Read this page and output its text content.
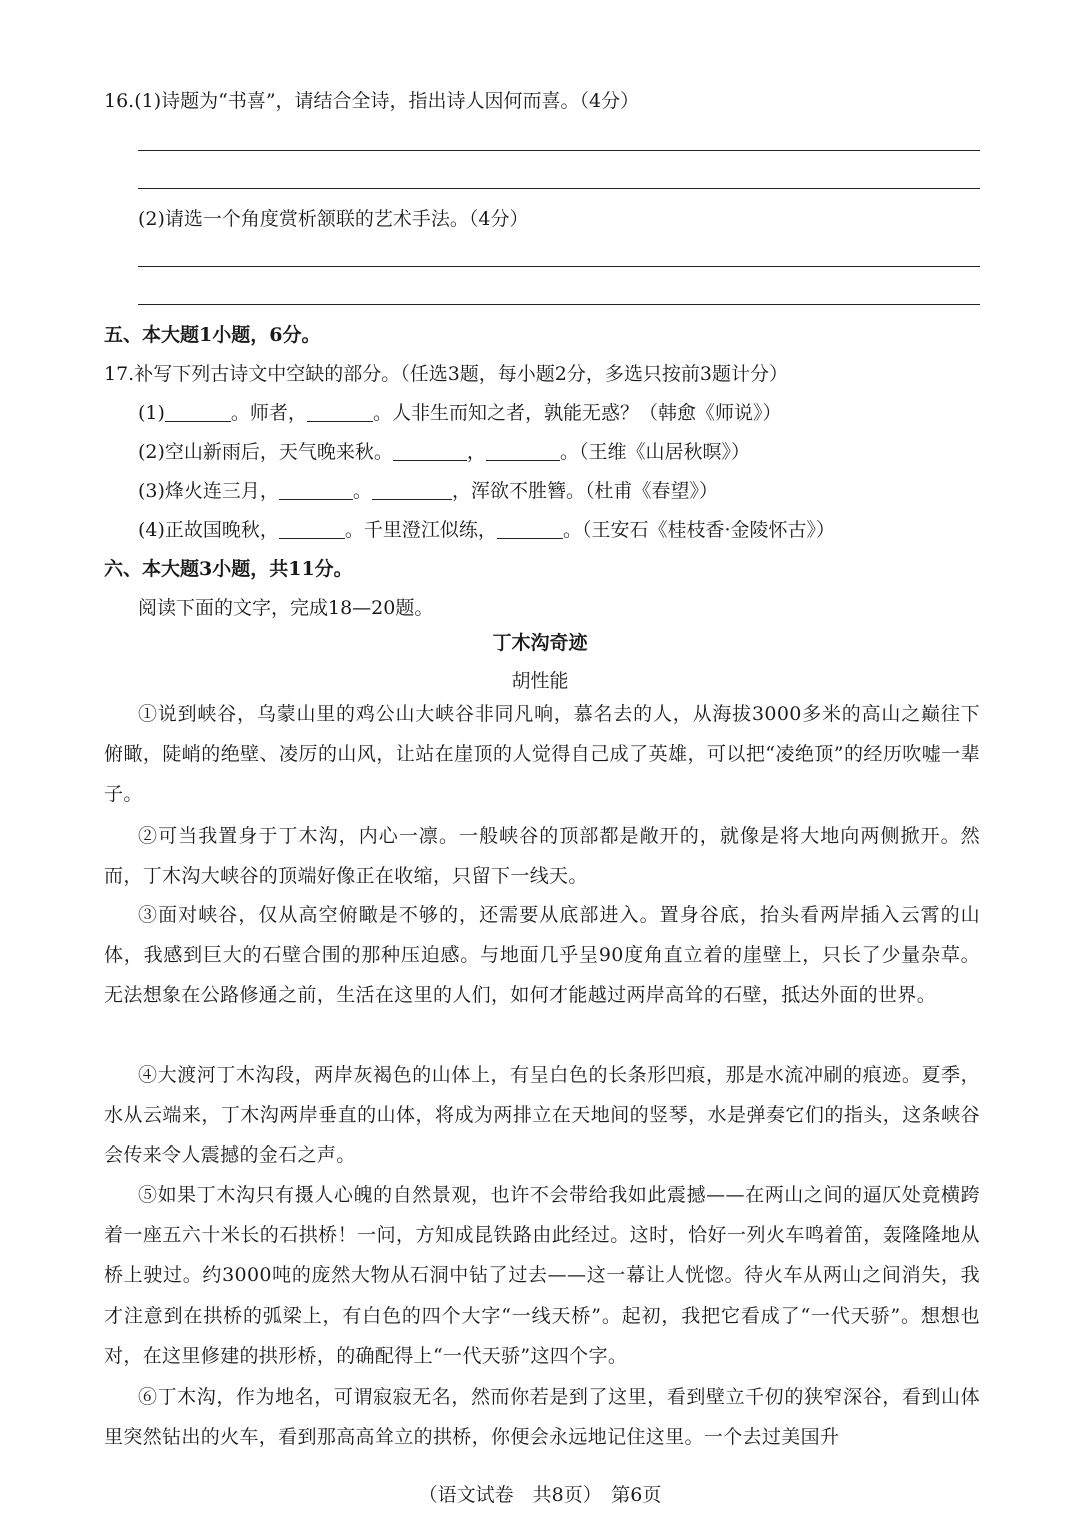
16.(1)诗题为“书喜”，请结合全诗，指出诗人因何而喜。（4分）
(2)请选一个角度赏析颔联的艺术手法。（4分）
五、本大题1小题，6分。
17.补写下列古诗文中空缺的部分。（任选3题，每小题2分，多选只按前3题计分）
(1)	。师者，	。人非生而知之者，孰能无惑？（韩愈《师说》）
(2)空山新雨后，天气晚来秋。	，	。（王维《山居秋暝》）
(3)烽火连三月，	。	，浑欲不胜簪。（杜甫《春望》）
(4)正故国晚秋，	。千里澄江似练，	。（王安石《桂枝香·金陵怀古》）
六、本大题3小题，共11分。
阅读下面的文字，完成18—20题。
丁木沟奇迹
胡性能

①说到峡谷，乌蒙山里的鸡公山大峡谷非同凡响，慕名去的人，从海拔3000多米的高山之巅往下俯瞰，陡峭的绝壁、凌厉的山风，让站在崖顶的人觉得自己成了英雄，可以把“凌绝顶”的经历吹嘘一辈子。

②可当我置身于丁木沟，内心一凛。一般峡谷的顶部都是敞开的，就像是将大地向两侧掀开。然而，丁木沟大峡谷的顶端好像正在收缩，只留下一线天。

③面对峡谷，仅从高空俯瞰是不够的，还需要从底部进入。置身谷底，抬头看两岸插入云霄的山体，我感到巨大的石壁合围的那种压迫感。与地面几乎呈90度角直立着的崖壁上，只长了少量杂草。无法想象在公路修通之前，生活在这里的人们，如何才能越过两岸高耸的石壁，抵达外面的世界。

④大渡河丁木沟段，两岸灰褐色的山体上，有呈白色的长条形凹痕，那是水流冲刷的痕迹。夏季，水从云端来，丁木沟两岸垂直的山体，将成为两排立在天地间的竖琴，水是弹奏它们的指头，这条峡谷会传来令人震撼的金石之声。

⑤如果丁木沟只有摄人心魄的自然景观，也许不会带给我如此震撼——在两山之间的逼仄处竟横跨着一座五六十米长的石拱桥！一问，方知成昆铁路由此经过。这时，恰好一列火车鸣着笛，轰隆隆地从桥上驶过。约3000吨的庞然大物从石洞中钻了过去——这一幕让人恍惚。待火车从两山之间消失，我才注意到在拱桥的弧梁上，有白色的四个大字“一线天桥”。起初，我把它看成了“一代天骄”。想想也对，在这里修建的拱形桥，的确配得上“一代天骄”这四个字。

⑥丁木沟，作为地名，可谓寂寂无名，然而你若是到了这里，看到壁立千仞的狭窄深谷，看到山体里突然钻出的火车，看到那高高耸立的拱桥，你便会永远地记住这里。一个去过美国升

（语文试卷　共8页）　第6页
